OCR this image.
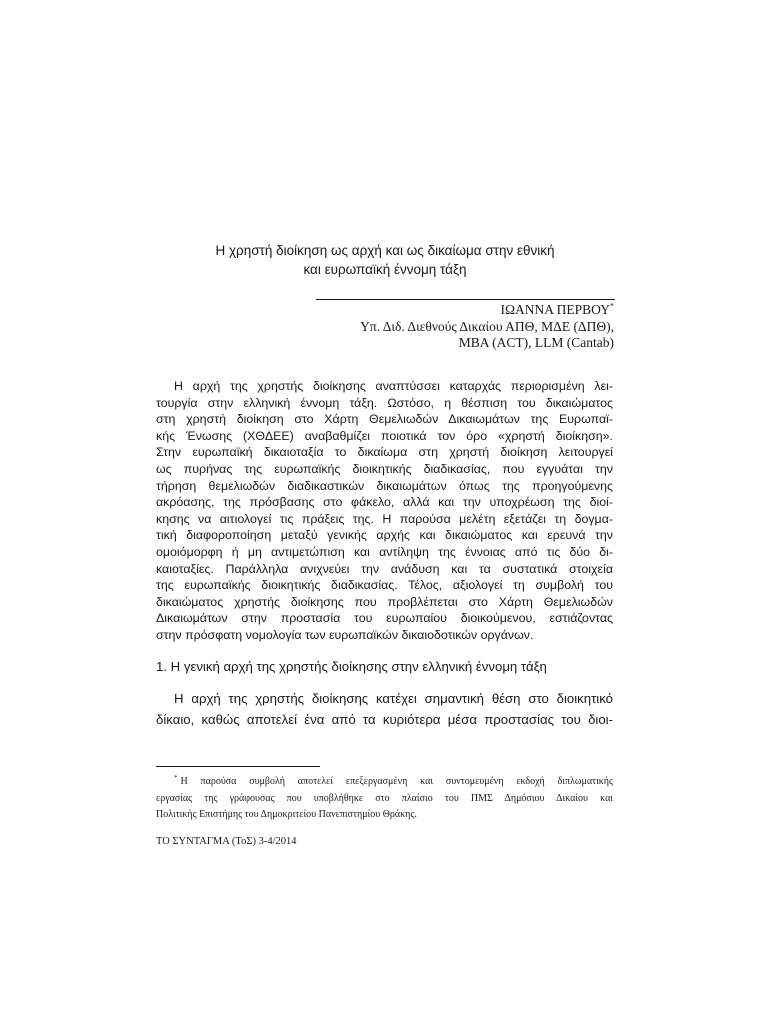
Η χρηστή διοίκηση ως αρχή και ως δικαίωμα στην εθνική
και ευρωπαϊκή έννομη τάξη
ΙΩΑΝΝΑ ΠΕΡΒΟΥ*
Υπ. Διδ. Διεθνούς Δικαίου ΑΠΘ, ΜΔΕ (ΔΠΘ),
MBA (ACT), LLM (Cantab)
Η αρχή της χρηστής διοίκησης αναπτύσσει καταρχάς περιορισμένη λει-
τουργία στην ελληνική έννομη τάξη. Ωστόσο, η θέσπιση του δικαιώματος
στη χρηστή διοίκηση στο Χάρτη Θεμελιωδών Δικαιωμάτων της Ευρωπαϊ-
κής Ένωσης (ΧΘΔΕΕ) αναβαθμίζει ποιοτικά τον όρο «χρηστή διοίκηση».
Στην ευρωπαϊκή δικαιοταξία το δικαίωμα στη χρηστή διοίκηση λειτουργεί
ως πυρήνας της ευρωπαϊκής διοικητικής διαδικασίας, που εγγυάται την
τήρηση θεμελιωδών διαδικαστικών δικαιωμάτων όπως της προηγούμενης
ακρόασης, της πρόσβασης στο φάκελο, αλλά και την υποχρέωση της διοί-
κησης να αιτιολογεί τις πράξεις της. Η παρούσα μελέτη εξετάζει τη δογμα-
τική διαφοροποίηση μεταξύ γενικής αρχής και δικαιώματος και ερευνά την
ομοιόμορφη ή μη αντιμετώπιση και αντίληψη της έννοιας από τις δύο δι-
καιοταξίες. Παράλληλα ανιχνεύει την ανάδυση και τα συστατικά στοιχεία
της ευρωπαϊκής διοικητικής διαδικασίας. Τέλος, αξιολογεί τη συμβολή του
δικαιώματος χρηστής διοίκησης που προβλέπεται στο Χάρτη Θεμελιωδών
Δικαιωμάτων στην προστασία του ευρωπαίου διοικούμενου, εστιάζοντας
στην πρόσφατη νομολογία των ευρωπαϊκών δικαιοδοτικών οργάνων.
1. Η γενική αρχή της χρηστής διοίκησης στην ελληνική έννομη τάξη
Η αρχή της χρηστής διοίκησης κατέχει σημαντική θέση στο διοικητικό
δίκαιο, καθώς αποτελεί ένα από τα κυριότερα μέσα προστασίας του διοι-
* Η παρούσα συμβολή αποτελεί επεξεργασμένη και συντομευμένη εκδοχή διπλωματικής
εργασίας της γράφουσας που υποβλήθηκε στο πλαίσιο του ΠΜΣ Δημόσιου Δικαίου και
Πολιτικής Επιστήμης του Δημοκριτείου Πανεπιστημίου Θράκης.
ΤΟ ΣΥΝΤΑΓΜΑ (ΤοΣ) 3-4/2014
